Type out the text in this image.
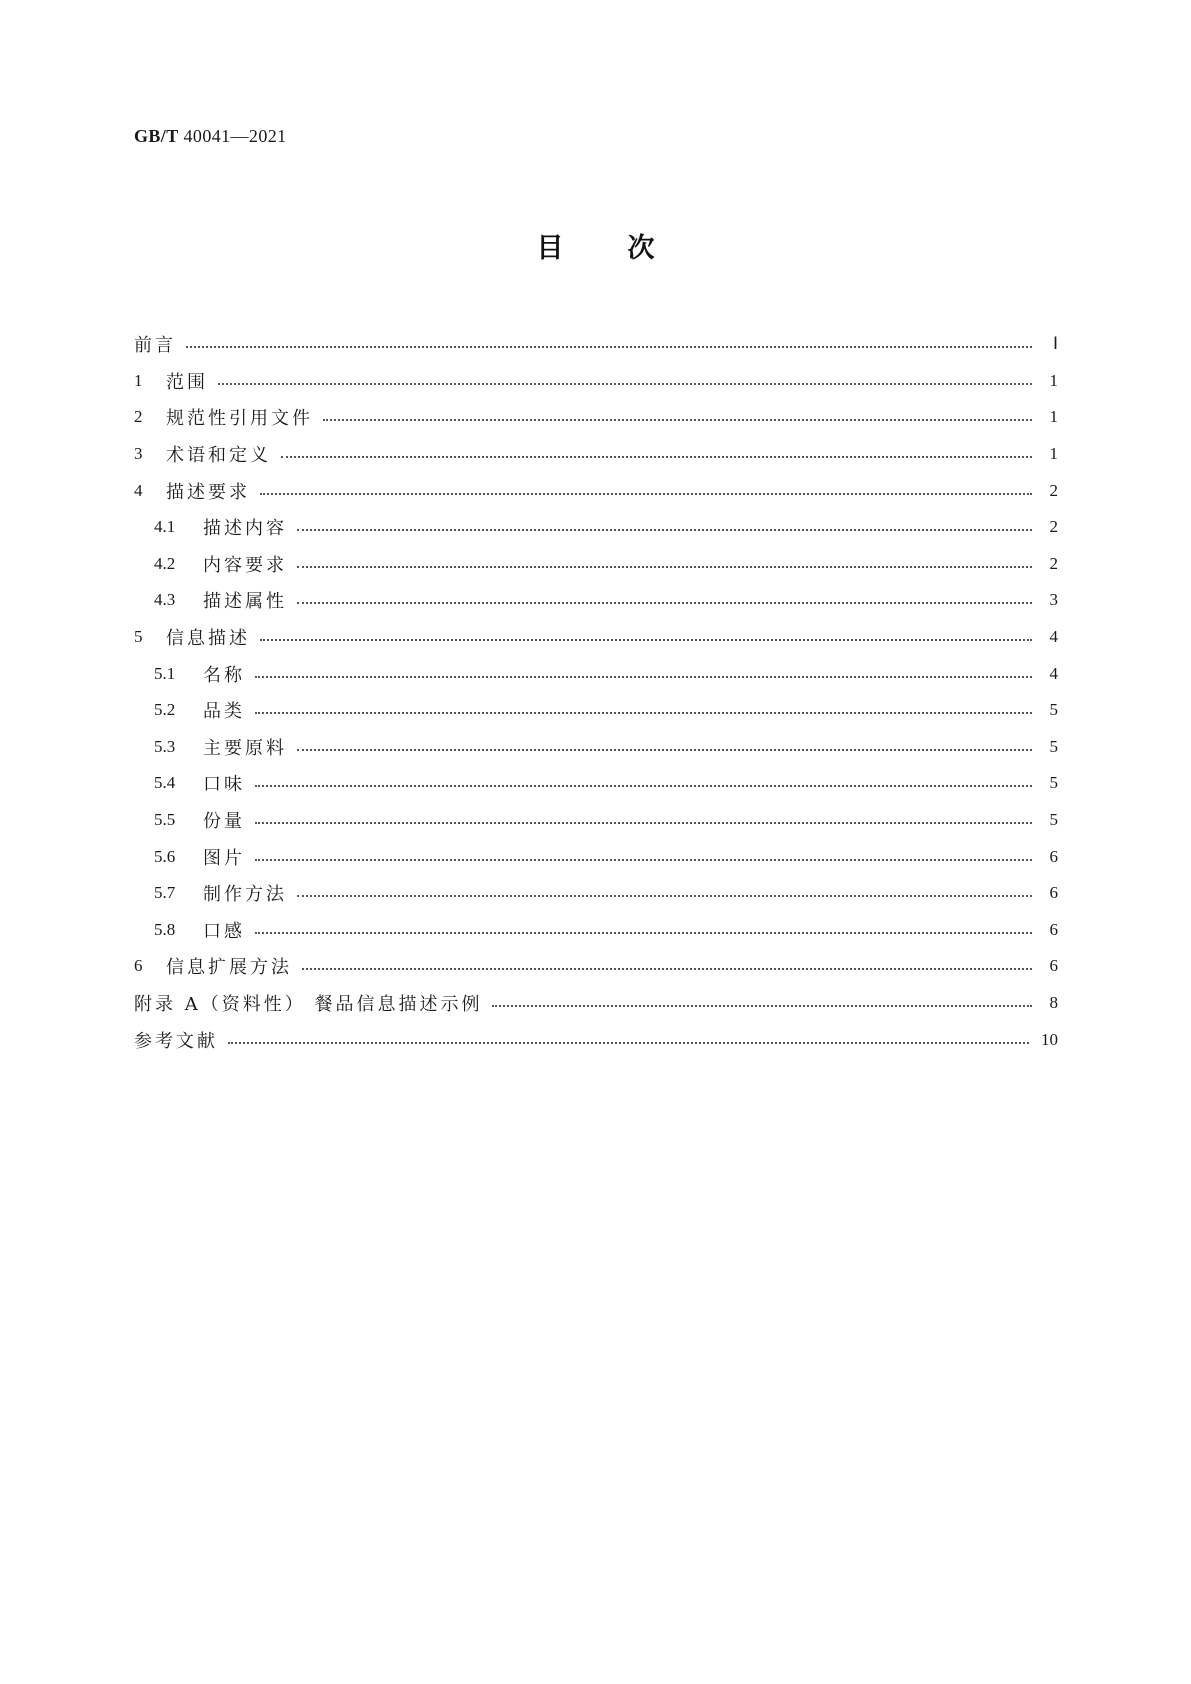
GB/T 40041—2021
目 次
前言	Ⅰ
1	范围	1
2	规范性引用文件	1
3	术语和定义	1
4	描述要求	2
4.1	描述内容	2
4.2	内容要求	2
4.3	描述属性	3
5	信息描述	4
5.1	名称	4
5.2	品类	5
5.3	主要原料	5
5.4	口味	5
5.5	份量	5
5.6	图片	6
5.7	制作方法	6
5.8	口感	6
6	信息扩展方法	6
附录 A（资料性） 餐品信息描述示例	8
参考文献	10
